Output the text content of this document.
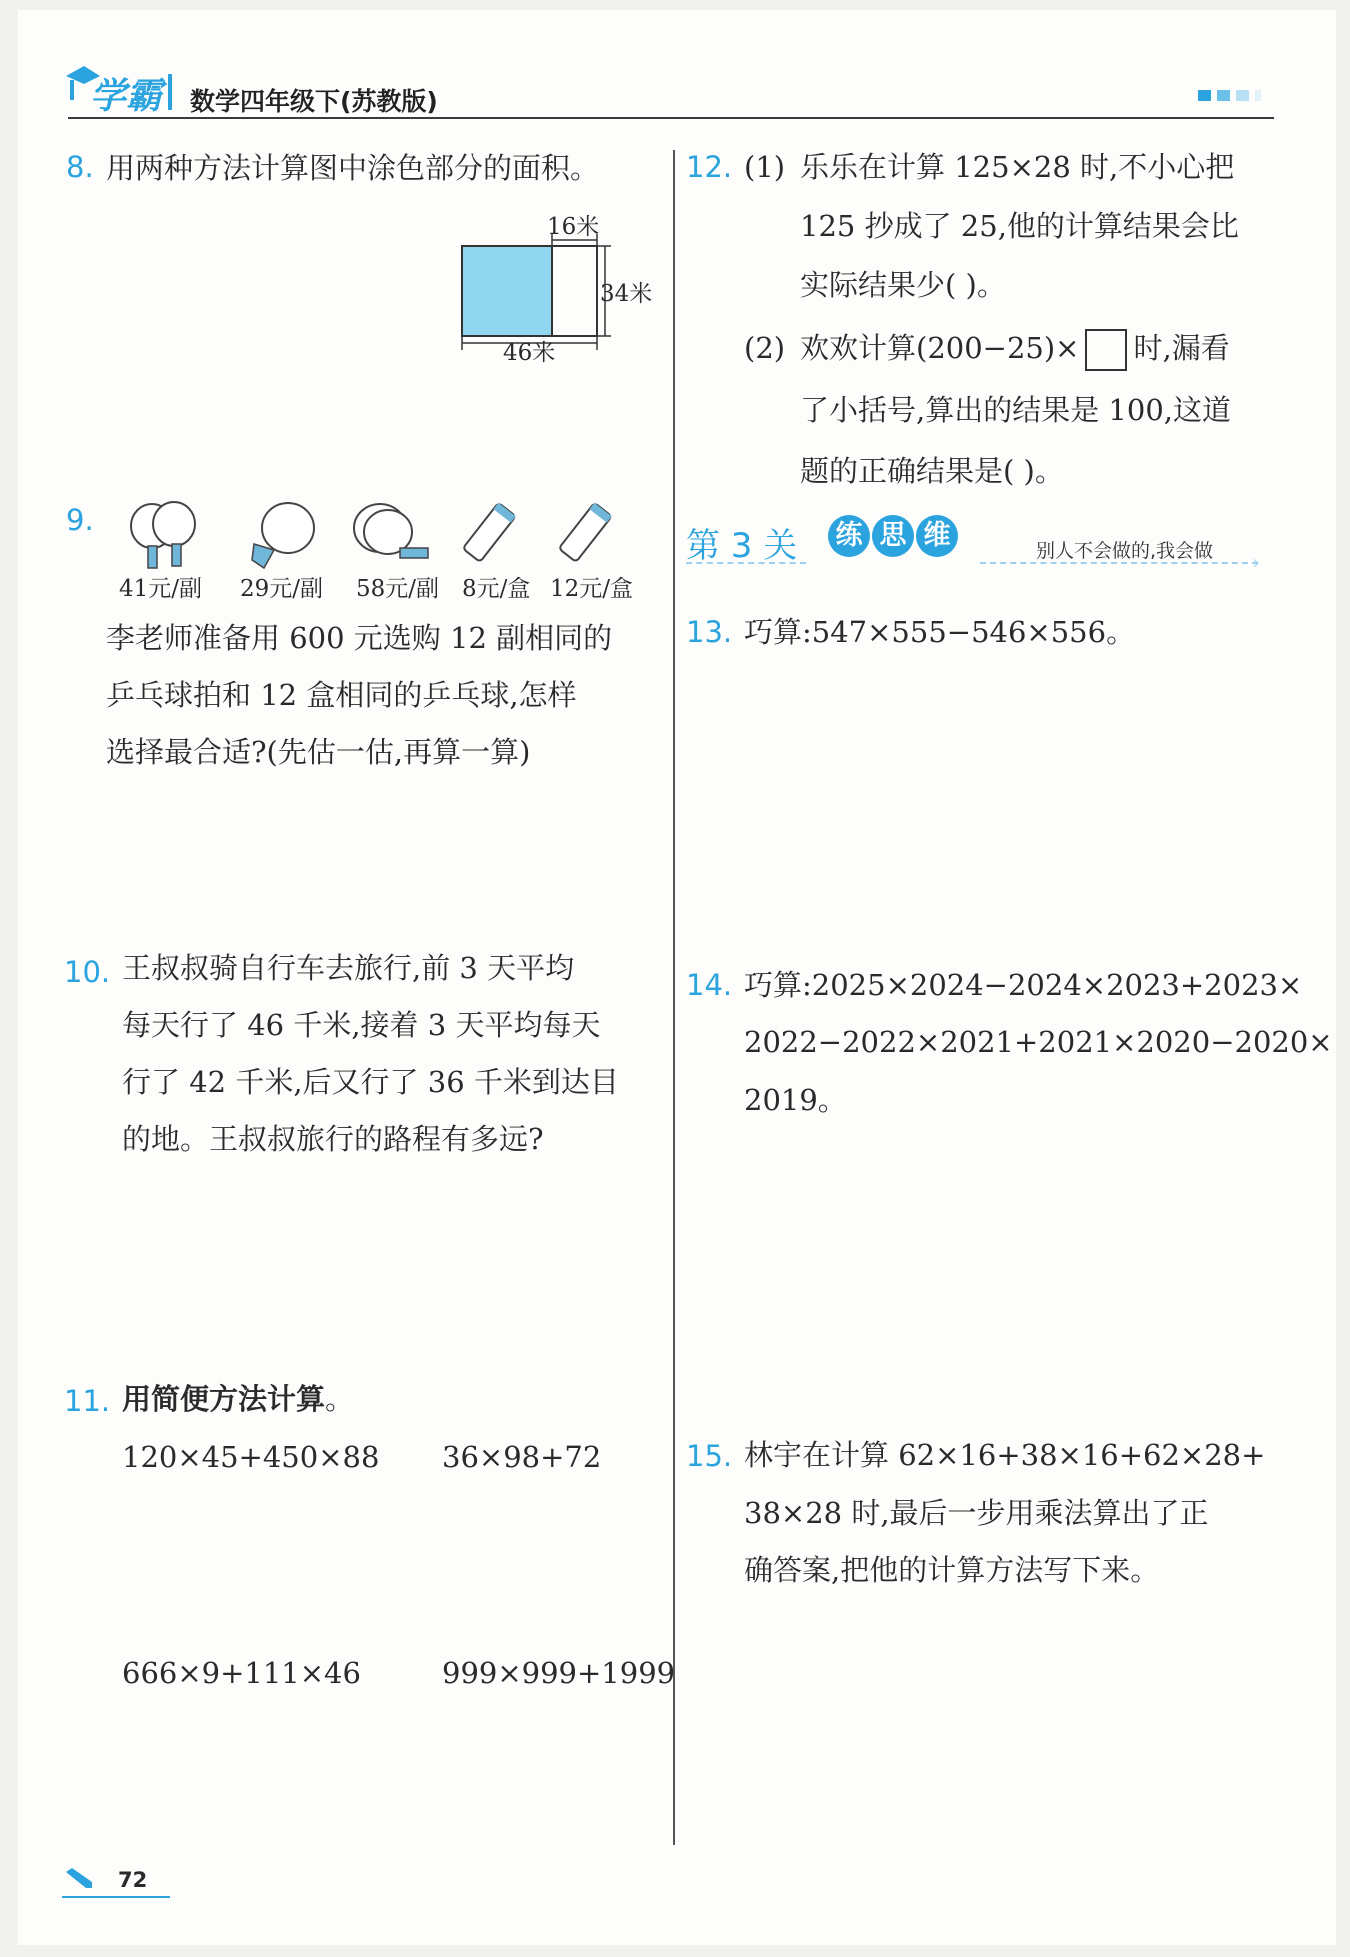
学霸 数学四年级下(苏教版)
8. 用两种方法计算图中涂色部分的面积。
16米
34米
46米
9.
41元/副 29元/副 58元/副 8元/盒 12元/盒
李老师准备用 600 元选购 12 副相同的
乒乓球拍和 12 盒相同的乒乓球,怎样
选择最合适?(先估一估,再算一算)
10. 王叔叔骑自行车去旅行,前 3 天平均
每天行了 46 千米,接着 3 天平均每天
行了 42 千米,后又行了 36 千米到达目
的地。王叔叔旅行的路程有多远?
11. 用简便方法计算。
120×45+450×88 36×98+72
666×9+111×46	999×999+1999
12. (1) 乐乐在计算 125×28 时,不小心把
125 抄成了 25,他的计算结果会比
实际结果少( )。
(2) 欢欢计算(200−25)× 时,漏看
了小括号,算出的结果是 100,这道
题的正确结果是( )。
第 3 关 练 思 维	别人不会做的,我会做 ›
13. 巧算:547×555−546×556。
14. 巧算:2025×2024−2024×2023+2023×
2022−2022×2021+2021×2020−2020×
2019。
15. 林宇在计算 62×16+38×16+62×28+
38×28 时,最后一步用乘法算出了正
确答案,把他的计算方法写下来。
72
